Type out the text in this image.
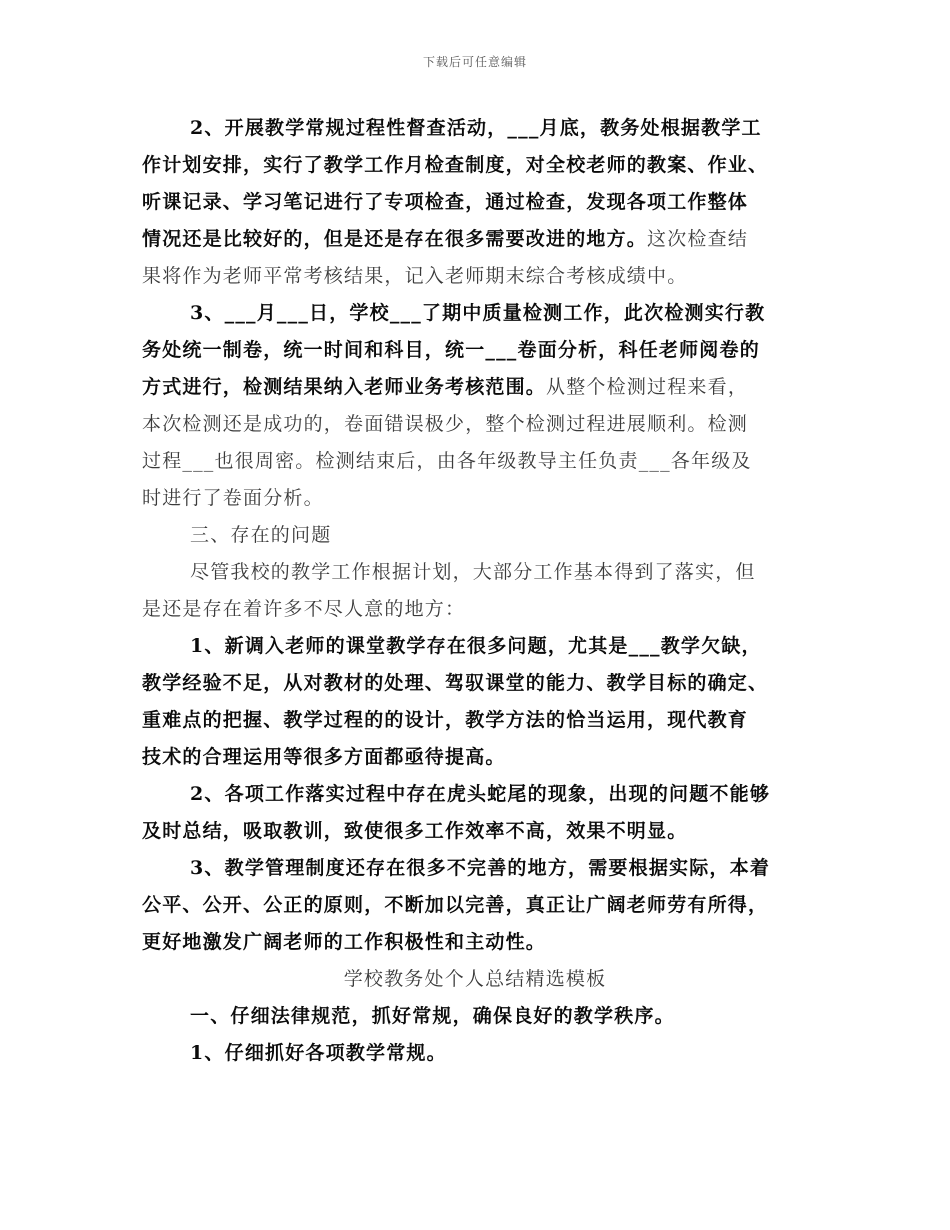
下载后可任意编辑
2、开展教学常规过程性督查活动，___月底，教务处根据教学工
作计划安排，实行了教学工作月检查制度，对全校老师的教案、作业、
听课记录、学习笔记进行了专项检查，通过检查，发现各项工作整体
情况还是比较好的，但是还是存在很多需要改进的地方。这次检查结
果将作为老师平常考核结果，记入老师期末综合考核成绩中。
3、___月___日，学校___了期中质量检测工作，此次检测实行教
务处统一制卷，统一时间和科目，统一___卷面分析，科任老师阅卷的
方式进行，检测结果纳入老师业务考核范围。从整个检测过程来看，
本次检测还是成功的，卷面错误极少，整个检测过程进展顺利。检测
过程___也很周密。检测结束后，由各年级教导主任负责___各年级及
时进行了卷面分析。
三、存在的问题
尽管我校的教学工作根据计划，大部分工作基本得到了落实，但
是还是存在着许多不尽人意的地方：
1、新调入老师的课堂教学存在很多问题，尤其是___教学欠缺，
教学经验不足，从对教材的处理、驾驭课堂的能力、教学目标的确定、
重难点的把握、教学过程的的设计，教学方法的恰当运用，现代教育
技术的合理运用等很多方面都亟待提高。
2、各项工作落实过程中存在虎头蛇尾的现象，出现的问题不能够
及时总结，吸取教训，致使很多工作效率不高，效果不明显。
3、教学管理制度还存在很多不完善的地方，需要根据实际，本着
公平、公开、公正的原则，不断加以完善，真正让广阔老师劳有所得，
更好地激发广阔老师的工作积极性和主动性。
学校教务处个人总结精选模板
一、仔细法律规范，抓好常规，确保良好的教学秩序。
1、仔细抓好各项教学常规。
